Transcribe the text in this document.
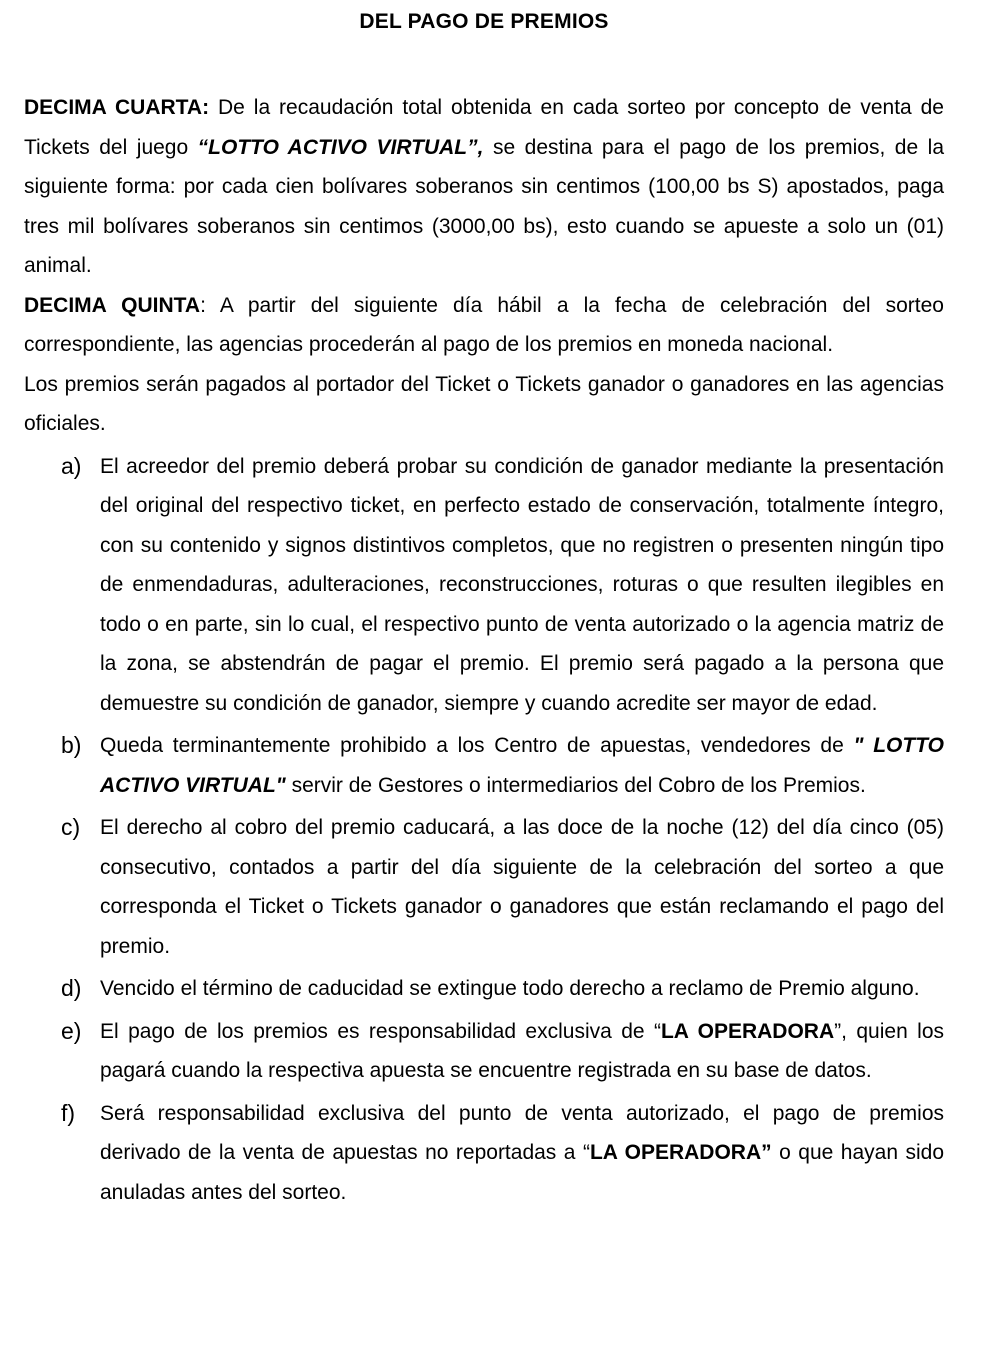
DEL PAGO DE PREMIOS

DECIMA CUARTA: De la recaudación total obtenida en cada sorteo por concepto de venta de Tickets del juego “LOTTO ACTIVO VIRTUAL”, se destina para el pago de los premios, de la siguiente forma: por cada cien bolívares soberanos sin centimos (100,00 bs S) apostados, paga tres mil bolívares soberanos sin centimos (3000,00 bs), esto cuando se apueste a solo un (01) animal.

DECIMA QUINTA: A partir del siguiente día hábil a la fecha de celebración del sorteo correspondiente, las agencias procederán al pago de los premios en moneda nacional.

Los premios serán pagados al portador del Ticket o Tickets ganador o ganadores en las agencias oficiales.

a) El acreedor del premio deberá probar su condición de ganador mediante la presentación del original del respectivo ticket, en perfecto estado de conservación, totalmente íntegro, con su contenido y signos distintivos completos, que no registren o presenten ningún tipo de enmendaduras, adulteraciones, reconstrucciones, roturas o que resulten ilegibles en todo o en parte, sin lo cual, el respectivo punto de venta autorizado o la agencia matriz de la zona, se abstendrán de pagar el premio. El premio será pagado a la persona que demuestre su condición de ganador, siempre y cuando acredite ser mayor de edad.
b) Queda terminantemente prohibido a los Centro de apuestas, vendedores de " LOTTO ACTIVO VIRTUAL" servir de Gestores o intermediarios del Cobro de los Premios.
c) El derecho al cobro del premio caducará, a las doce de la noche (12) del día cinco (05) consecutivo, contados a partir del día siguiente de la celebración del sorteo a que corresponda el Ticket o Tickets ganador o ganadores que están reclamando el pago del premio.
d) Vencido el término de caducidad se extingue todo derecho a reclamo de Premio alguno.
e) El pago de los premios es responsabilidad exclusiva de “LA OPERADORA”, quien los pagará cuando la respectiva apuesta se encuentre registrada en su base de datos.
f) Será responsabilidad exclusiva del punto de venta autorizado, el pago de premios derivado de la venta de apuestas no reportadas a “LA OPERADORA” o que hayan sido anuladas antes del sorteo.
